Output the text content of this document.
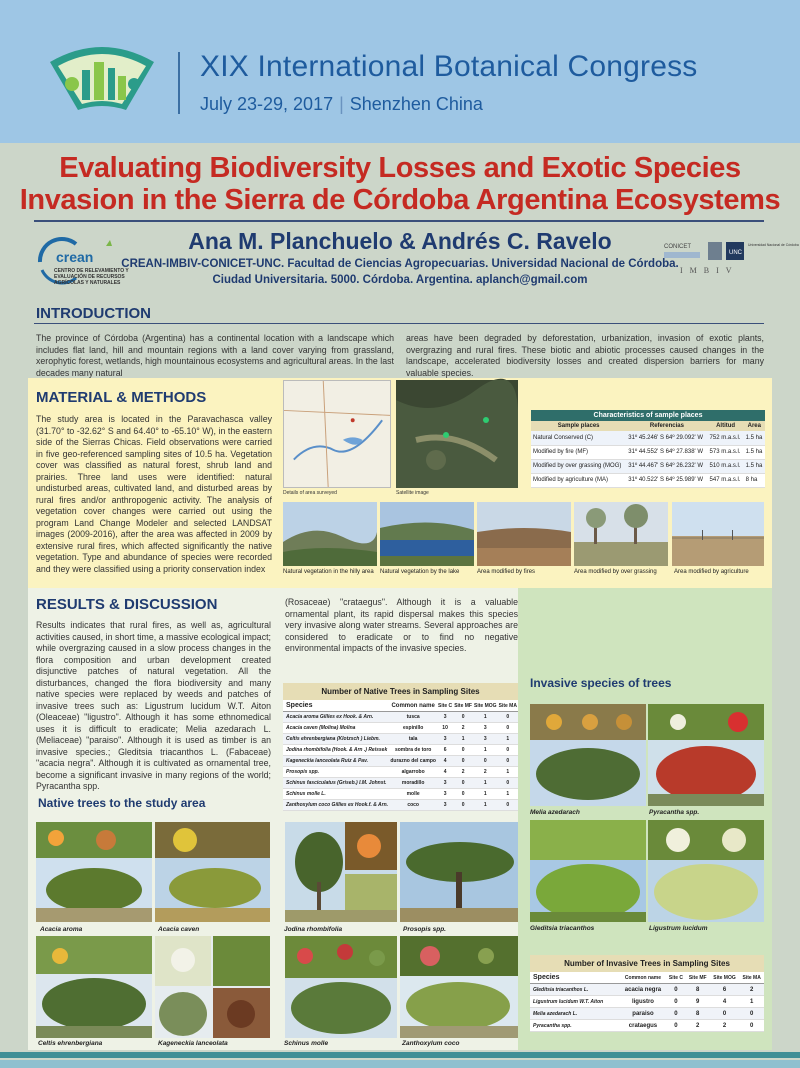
XIX International Botanical Congress
July 23-29, 2017 | Shenzhen China
Evaluating Biodiversity Losses and Exotic Species
Invasion in the Sierra de Córdoba Argentina Ecosystems
Ana M. Planchuelo & Andrés C. Ravelo
CREAN-IMBIV-CONICET-UNC. Facultad de Ciencias Agropecuarias. Universidad Nacional de Córdoba.
Ciudad Universitaria. 5000. Córdoba. Argentina. aplanch@gmail.com
crean
CENTRO DE RELEVAMIENTO Y EVALUACIÓN DE RECURSOS AGRÍCOLAS Y NATURALES
CONICET
UNC
Universidad Nacional de Córdoba
IMBIV
INTRODUCTION
The province of Córdoba (Argentina) has a continental location with a landscape which includes flat land, hill and mountain regions with a land cover varying from grassland, xerophytic forest, wetlands, high mountainous ecosystems and agricultural areas. In the last decades many natural
areas have been degraded by deforestation, urbanization, invasion of exotic plants, overgrazing and rural fires. These biotic and abiotic processes caused changes in the landscape, accelerated biodiversity losses and created dispersion barriers for many valuable species.
MATERIAL & METHODS
The study area is located in the Paravachasca valley (31.70° to -32.62° S and 64.40° to -65.10° W), in the eastern side of the Sierras Chicas. Field observations were carried in five geo-referenced sampling sites of 10.5 ha. Vegetation cover was classified as natural forest, shrub land and prairies. Three land uses were identified: natural undisturbed areas, cultivated land, and disturbed areas by rural fires and/or anthropogenic activity. The analysis of vegetation cover changes were carried out using the program Land Change Modeler and selected LANDSAT images (2009-2016), after the area was affected in 2009 by extensive rural fires, which affected significantly the native vegetation. Type and abundance of species were recorded and they were classified using a priority conservation index
Details of area surveyed	Satellite image
Characteristics of sample places			
Sample places	Referencias	Altitud	Area
Natural Conserved (C)	31º 45.246' S 64º 29.092' W	752 m.a.s.l.	1.5 ha
Modified by fire (MF)	31º 44.552' S 64º 27.838' W	573 m.a.s.l.	1.5 ha
Modified by over grassing (MOG)	31º 44.467' S 64º 26.232' W	510 m.a.s.l.	1.5 ha
Modified by agriculture (MA)	31º 40.522' S 64º 25.989' W	547 m.a.s.l.	8 ha
Natural vegetation in the hilly area Natural vegetation by the lake	Area modified by fires	Area modified by over grassing	Area modified by agriculture
RESULTS & DISCUSSION
Results indicates that rural fires, as well as, agricultural activities caused, in short time, a massive ecological impact; while overgrazing caused in a slow process changes in the flora composition and urban development created disjunctive patches of natural vegetation. All the disturbances, changed the flora biodiversity and many native species were replaced by weeds and patches of invasive trees such as: Ligustrum lucidum W.T. Aiton (Oleaceae) "ligustro". Although it has some ethnomedical uses it is difficult to eradicate; Melia azedarach L. (Meliaceae) "paraiso". Although it is used as timber is an invasive species.; Gleditsia triacanthos L. (Fabaceae) "acacia negra". Although it is cultivated as ornamental tree, become a significant invasive in many regions of the world; Pyracantha spp.
(Rosaceae) "crataegus". Although it is a valuable ornamental plant, its rapid dispersal makes this species very invasive along water streams. Several approaches are considered to eradicate or to find no negative environmental impacts of the invasive species.
Number of Native Trees in Sampling Sites
Species	Common name	Site C	Site MF	Site MOG	Site MA
Acacia aroma Gillies ex Hook. & Arn.	tusca	3	0	1	0
Acacia caven (Molina) Molina	espinillo	10	2	3	0
Celtis ehrenbergiana (Klotzsch ) Liebm.	tala	3	1	3	1
Jodina rhombifolia (Hook. & Arn .) Reissek	sombra de toro	6	0	1	0
Kageneckia lanceolata Ruiz & Pav.	durazno del campo	4	0	0	0
Prosopis spp.	algarrobo	4	2	2	1
Schinus fasciculatus (Griseb.) I.M. Johnst.	moradillo	3	0	1	0
Schinus molle L.	molle	3	0	1	1
Zanthoxylum coco Gillies ex Hook.f. & Arn.	coco	3	0	1	0
Native trees to the study area
Invasive species of trees
Acacia aroma	Acacia caven	Jodina rhombifolia	Prosopis spp.
Celtis ehrenbergiana	Kageneckia lanceolata	Schinus molle	Zanthoxylum coco
Melia azedarach	Pyracantha spp.
Gleditsia triacanthos	Ligustrum lucidum
Number of Invasive Trees in Sampling Sites
Species	Common name	Site C	Site MF	Site MOG	Site MA
Gleditsia triacanthos L.	acacia negra	0	8	6	2
Ligustrum lucidum W.T. Aiton	ligustro	0	9	4	1
Melia azedarach L.	paraiso	0	8	0	0
Pyracantha spp.	crataegus	0	2	2	0
